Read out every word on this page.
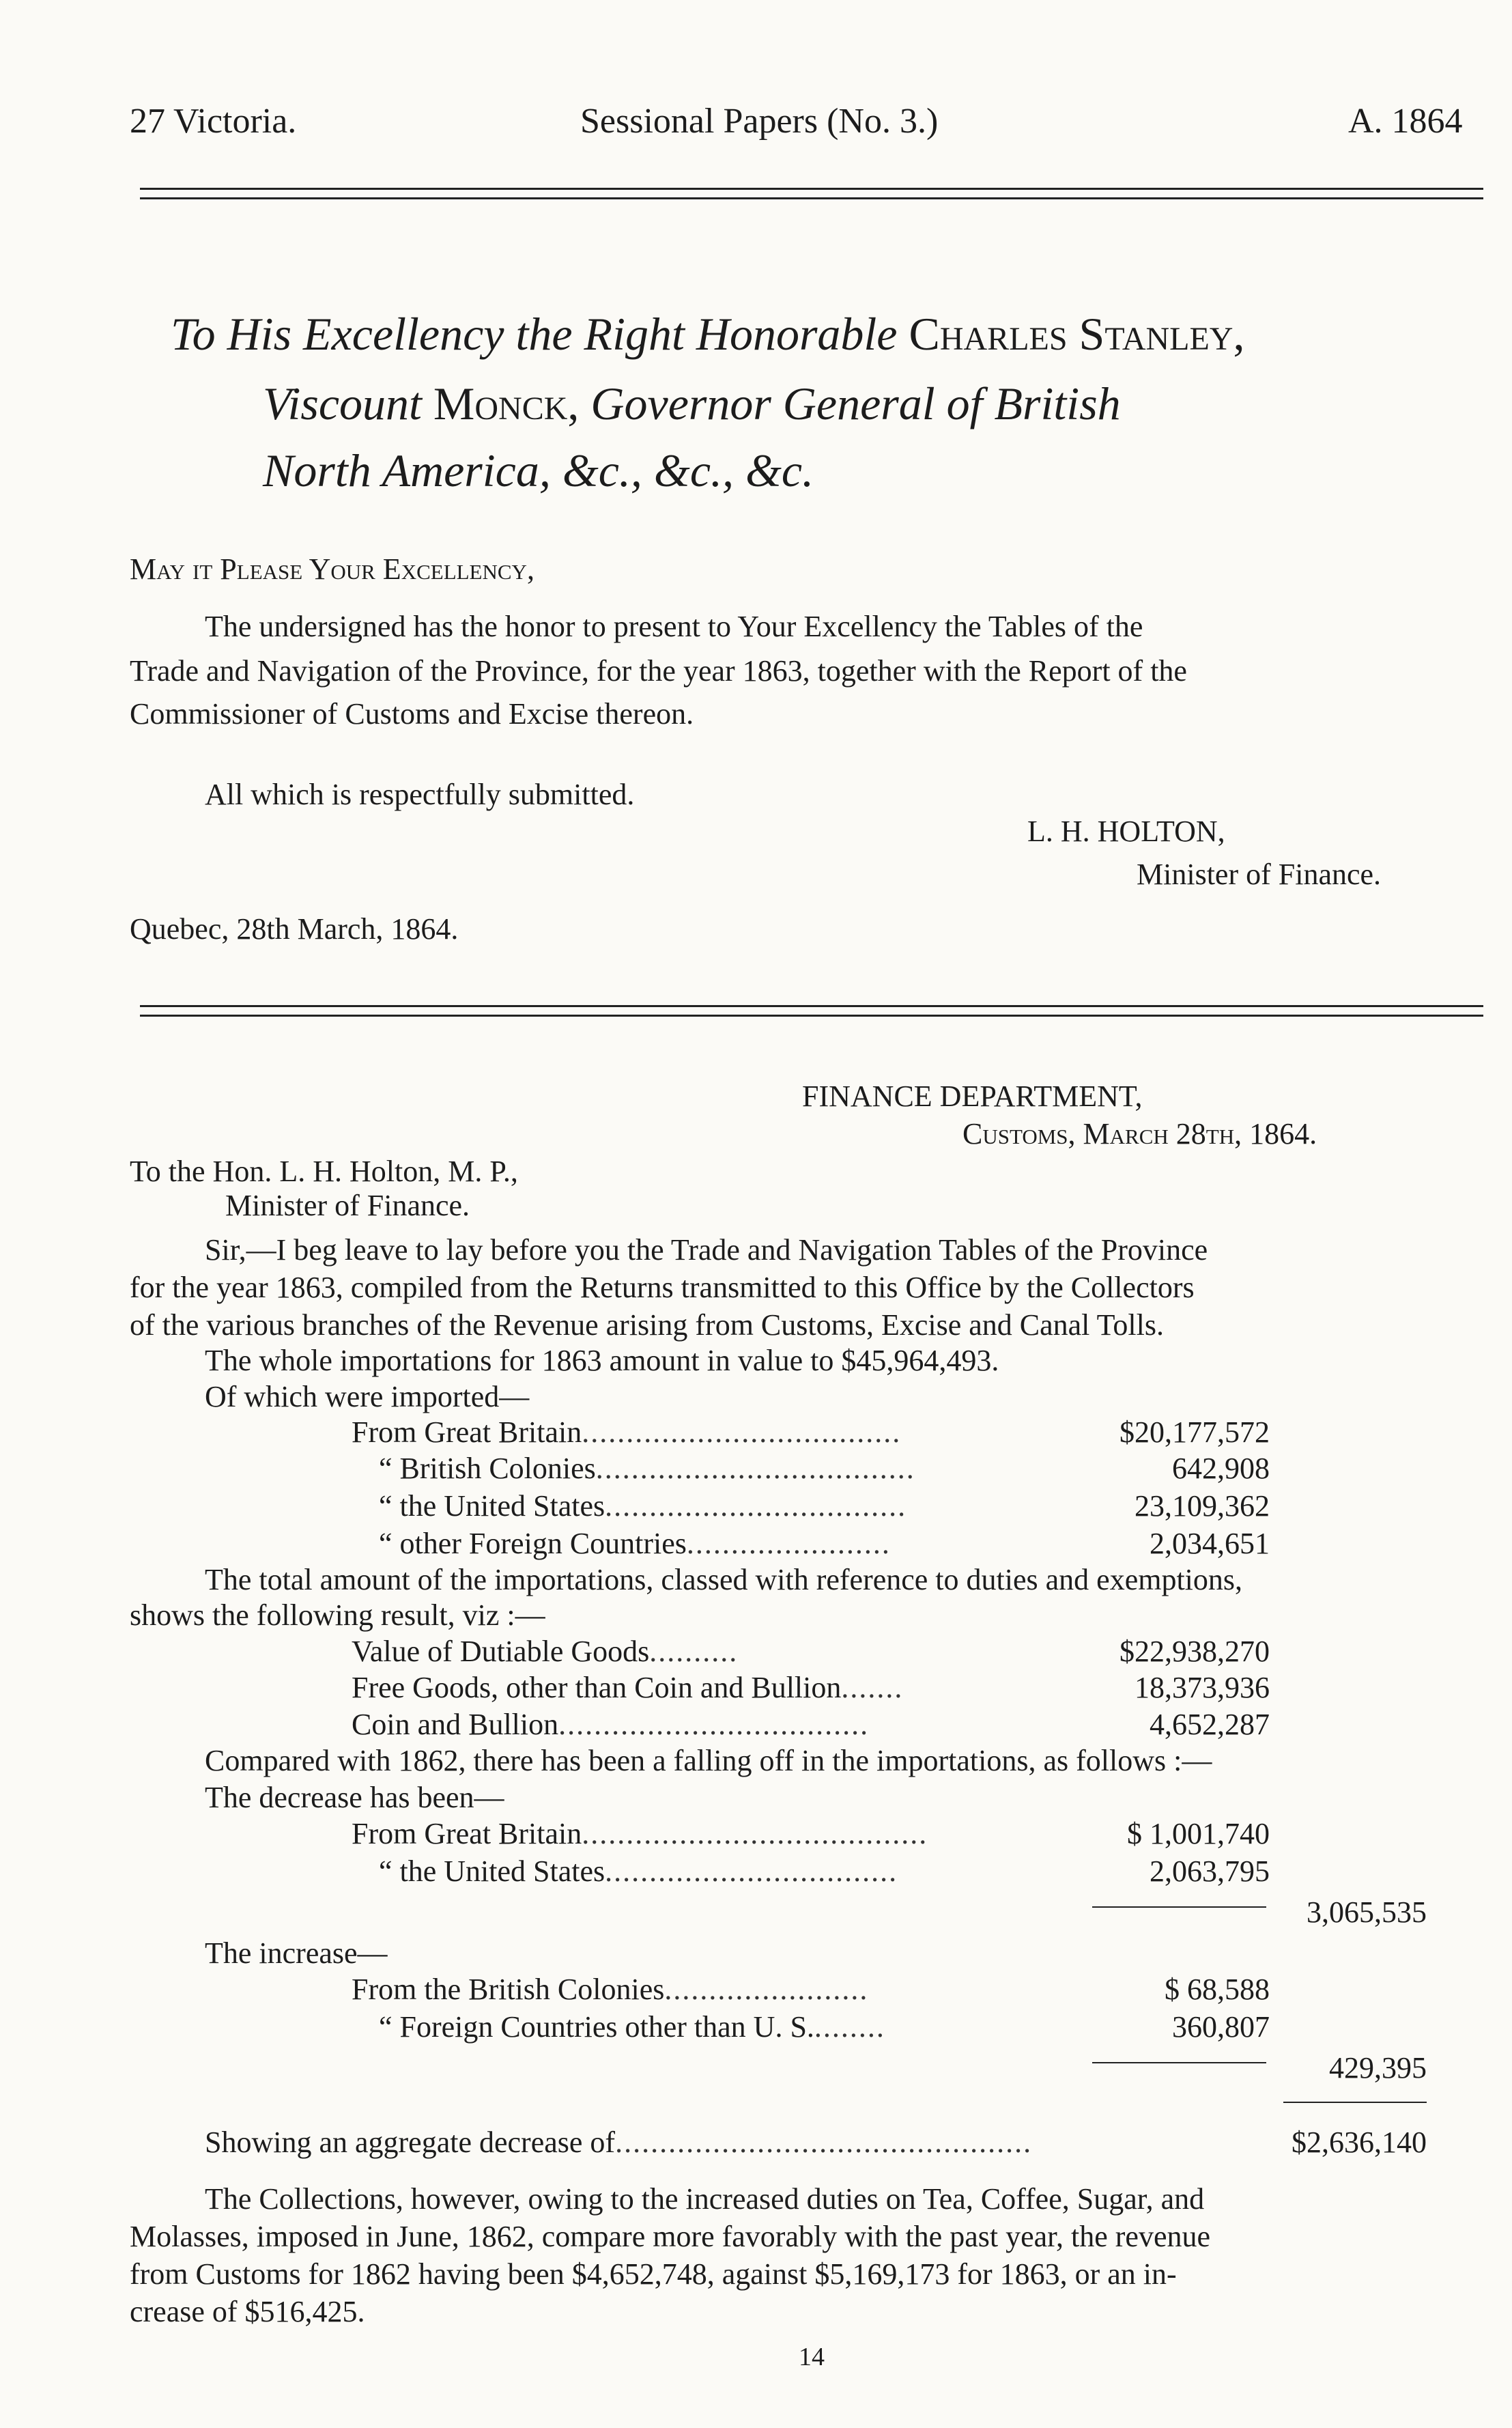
27 Victoria.	Sessional Papers (No. 3.)	A. 1864
To His Excellency the Right Honorable Charles Stanley,
Viscount Monck, Governor General of British
North America, &c., &c., &c.
May it Please Your Excellency,
The undersigned has the honor to present to Your Excellency the Tables of the
Trade and Navigation of the Province, for the year 1863, together with the Report of the
Commissioner of Customs and Excise thereon.
All which is respectfully submitted.
L. H. HOLTON,
Minister of Finance.
Quebec, 28th March, 1864.
FINANCE DEPARTMENT,
Customs, March 28th, 1864.
To the Hon. L. H. Holton, M. P.,
Minister of Finance.
Sir,—I beg leave to lay before you the Trade and Navigation Tables of the Province
for the year 1863, compiled from the Returns transmitted to this Office by the Collectors
of the various branches of the Revenue arising from Customs, Excise and Canal Tolls.
The whole importations for 1863 amount in value to $45,964,493.
Of which were imported—
From Great Britain....................................	$20,177,572
“ British Colonies....................................	642,908
“ the United States..................................	23,109,362
“ other Foreign Countries.......................	2,034,651
The total amount of the importations, classed with reference to duties and exemptions,
shows the following result, viz :—
Value of Dutiable Goods..........	$22,938,270
Free Goods, other than Coin and Bullion.......	18,373,936
Coin and Bullion...................................	4,652,287
Compared with 1862, there has been a falling off in the importations, as follows :—
The decrease has been—
From Great Britain.......................................	$ 1,001,740
“ the United States.................................	2,063,795
3,065,535
The increase—
From the British Colonies.......................	$ 68,588
“ Foreign Countries other than U. S.........	360,807
429,395
Showing an aggregate decrease of...............................................	$2,636,140
The Collections, however, owing to the increased duties on Tea, Coffee, Sugar, and
Molasses, imposed in June, 1862, compare more favorably with the past year, the revenue
from Customs for 1862 having been $4,652,748, against $5,169,173 for 1863, or an in-
crease of $516,425.
14
